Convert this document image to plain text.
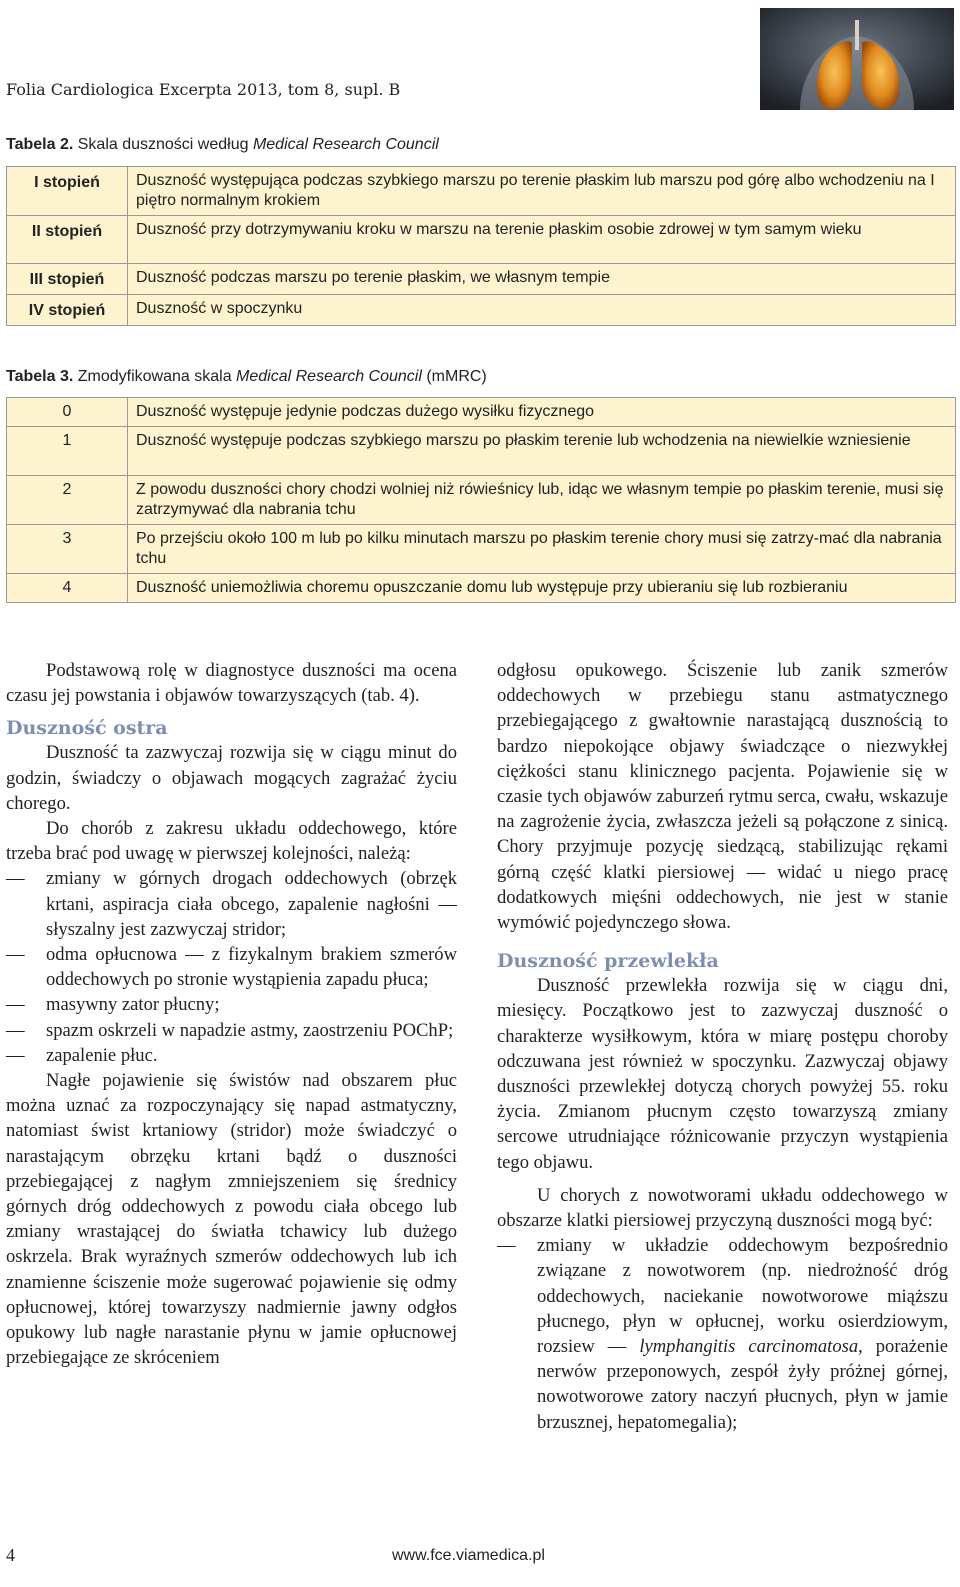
Folia Cardiologica Excerpta 2013, tom 8, supl. B
Tabela 2. Skala duszności według Medical Research Council
I stopień	Duszność występująca podczas szybkiego marszu po terenie płaskim lub marszu pod górę albo wchodzeniu na I piętro normalnym krokiem
II stopień	Duszność przy dotrzymywaniu kroku w marszu na terenie płaskim osobie zdrowej w tym samym wieku
III stopień	Duszność podczas marszu po terenie płaskim, we własnym tempie
IV stopień	Duszność w spoczynku
Tabela 3. Zmodyfikowana skala Medical Research Council (mMRC)
0	Duszność występuje jedynie podczas dużego wysiłku fizycznego
1	Duszność występuje podczas szybkiego marszu po płaskim terenie lub wchodzenia na niewielkie wzniesienie
2	Z powodu duszności chory chodzi wolniej niż rówieśnicy lub, idąc we własnym tempie po płaskim terenie, musi się zatrzymywać dla nabrania tchu
3	Po przejściu około 100 m lub po kilku minutach marszu po płaskim terenie chory musi się zatrzy-mać dla nabrania tchu
4	Duszność uniemożliwia choremu opuszczanie domu lub występuje przy ubieraniu się lub rozbieraniu

Podstawową rolę w diagnostyce duszności ma ocena czasu jej powstania i objawów towarzyszących (tab. 4).

Duszność ostra

Duszność ta zazwyczaj rozwija się w ciągu minut do godzin, świadczy o objawach mogących zagrażać życiu chorego.

Do chorób z zakresu układu oddechowego, które trzeba brać pod uwagę w pierwszej kolejności, należą:

— zmiany w górnych drogach oddechowych (obrzęk krtani, aspiracja ciała obcego, zapalenie nagłośni — słyszalny jest zazwyczaj stridor;
— odma opłucnowa — z fizykalnym brakiem szmerów oddechowych po stronie wystąpienia zapadu płuca;
— masywny zator płucny;
— spazm oskrzeli w napadzie astmy, zaostrzeniu POChP;
— zapalenie płuc.

Nagłe pojawienie się świstów nad obszarem płuc można uznać za rozpoczynający się napad astmatyczny, natomiast świst krtaniowy (stridor) może świadczyć o narastającym obrzęku krtani bądź o duszności przebiegającej z nagłym zmniejszeniem się średnicy górnych dróg oddechowych z powodu ciała obcego lub zmiany wrastającej do światła tchawicy lub dużego oskrzela. Brak wyraźnych szmerów oddechowych lub ich znamienne ściszenie może sugerować pojawienie się odmy opłucnowej, której towarzyszy nadmiernie jawny odgłos opukowy lub nagłe narastanie płynu w jamie opłucnowej przebiegające ze skróceniem

odgłosu opukowego. Ściszenie lub zanik szmerów oddechowych w przebiegu stanu astmatycznego przebiegającego z gwałtownie narastającą dusznością to bardzo niepokojące objawy świadczące o niezwykłej ciężkości stanu klinicznego pacjenta. Pojawienie się w czasie tych objawów zaburzeń rytmu serca, cwału, wskazuje na zagrożenie życia, zwłaszcza jeżeli są połączone z sinicą. Chory przyjmuje pozycję siedzącą, stabilizując rękami górną część klatki piersiowej — widać u niego pracę dodatkowych mięśni oddechowych, nie jest w stanie wymówić pojedynczego słowa.

Duszność przewlekła

Duszność przewlekła rozwija się w ciągu dni, miesięcy. Początkowo jest to zazwyczaj duszność o charakterze wysiłkowym, która w miarę postępu choroby odczuwana jest również w spoczynku. Zazwyczaj objawy duszności przewlekłej dotyczą chorych powyżej 55. roku życia. Zmianom płucnym często towarzyszą zmiany sercowe utrudniające różnicowanie przyczyn wystąpienia tego objawu.

U chorych z nowotworami układu oddechowego w obszarze klatki piersiowej przyczyną duszności mogą być:

— zmiany w układzie oddechowym bezpośrednio związane z nowotworem (np. niedrożność dróg oddechowych, naciekanie nowotworowe miąższu płucnego, płyn w opłucnej, worku osierdziowym, rozsiew — lymphangitis carcinomatosa, porażenie nerwów przeponowych, zespół żyły próżnej górnej, nowotworowe zatory naczyń płucnych, płyn w jamie brzusznej, hepatomegalia);
4	www.fce.viamedica.pl
